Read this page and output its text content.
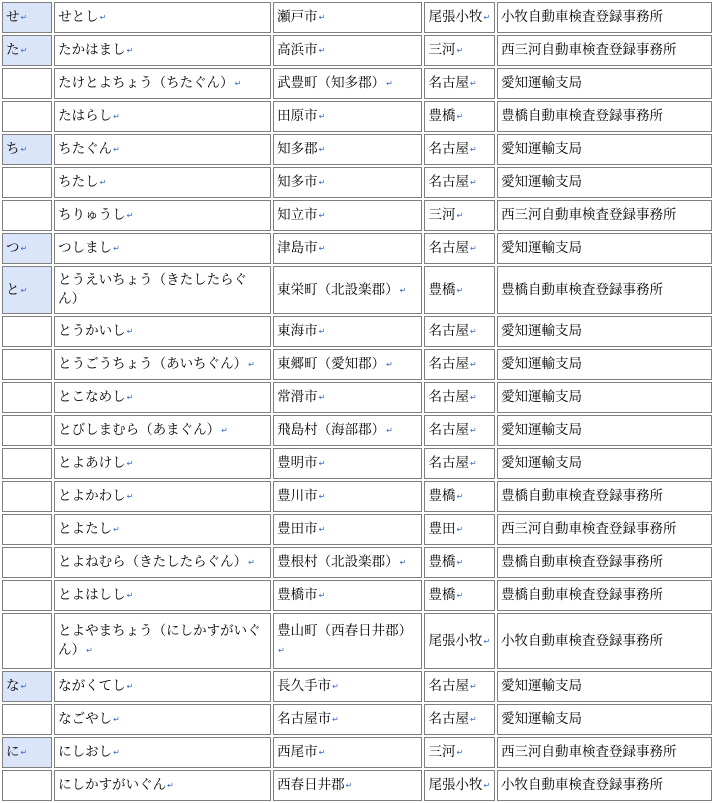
せ↵	せとし↵	瀬戸市↵	尾張小牧↵	小牧自動車検査登録事務所
た↵	たかはまし↵	高浜市↵	三河↵	西三河自動車検査登録事務所
	たけとよちょう（ちたぐん）↵	武豊町（知多郡）↵	名古屋↵	愛知運輸支局
	たはらし↵	田原市↵	豊橋↵	豊橋自動車検査登録事務所
ち↵	ちたぐん↵	知多郡↵	名古屋↵	愛知運輸支局
	ちたし↵	知多市↵	名古屋↵	愛知運輸支局
	ちりゅうし↵	知立市↵	三河↵	西三河自動車検査登録事務所
つ↵	つしまし↵	津島市↵	名古屋↵	愛知運輸支局
と↵	とうえいちょう（きたしたらぐん）	東栄町（北設楽郡）↵	豊橋↵	豊橋自動車検査登録事務所
	とうかいし↵	東海市↵	名古屋↵	愛知運輸支局
	とうごうちょう（あいちぐん）↵	東郷町（愛知郡）↵	名古屋↵	愛知運輸支局
	とこなめし↵	常滑市↵	名古屋↵	愛知運輸支局
	とびしまむら（あまぐん）↵	飛島村（海部郡）↵	名古屋↵	愛知運輸支局
	とよあけし↵	豊明市↵	名古屋↵	愛知運輸支局
	とよかわし↵	豊川市↵	豊橋↵	豊橋自動車検査登録事務所
	とよたし↵	豊田市↵	豊田↵	西三河自動車検査登録事務所
	とよねむら（きたしたらぐん）↵	豊根村（北設楽郡）↵	豊橋↵	豊橋自動車検査登録事務所
	とよはしし↵	豊橋市↵	豊橋↵	豊橋自動車検査登録事務所
	とよやまちょう（にしかすがいぐん）↵	豊山町（西春日井郡）↵	尾張小牧↵	小牧自動車検査登録事務所
な↵	ながくてし↵	長久手市↵	名古屋↵	愛知運輸支局
	なごやし↵	名古屋市↵	名古屋↵	愛知運輸支局
に↵	にしおし↵	西尾市↵	三河↵	西三河自動車検査登録事務所
	にしかすがいぐん↵	西春日井郡↵	尾張小牧↵	小牧自動車検査登録事務所
